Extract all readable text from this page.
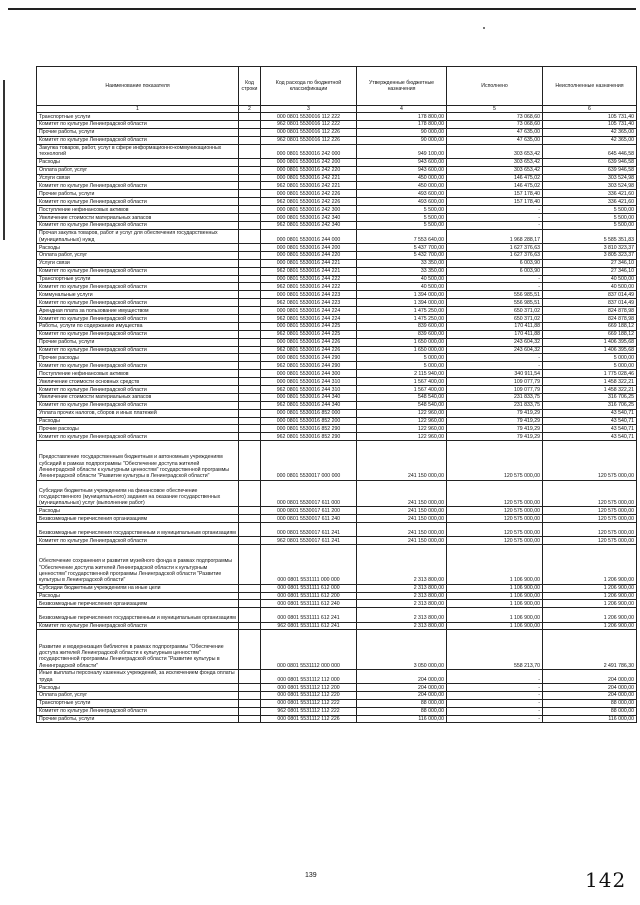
Наименование показателя	Код строки	Код расхода по бюджетной классификации	Утвержденные бюджетные назначения	Исполнено	Неисполненные назначения
1	2	3	4	5	6
Транспортные услуги		000 0801 5530016 112 222	178 800,00	73 068,60	105 731,40
Комитет по культуре Ленинградской области		962 0801 5530016 112 222	178 800,00	73 068,60	105 731,40
Прочие работы, услуги		000 0801 5530016 112 226	90 000,00	47 635,00	42 365,00
Комитет по культуре Ленинградской области		962 0801 5530016 112 226	90 000,00	47 635,00	42 365,00
Закупка товаров, работ, услуг в сфере информационно-коммуникационных технологий		000 0801 5530016 242 000	949 100,00	303 653,42	645 446,58
Расходы		000 0801 5530016 242 200	943 600,00	303 653,42	639 946,58
Оплата работ, услуг		000 0801 5530016 242 220	943 600,00	303 653,42	639 946,58
Услуги связи		000 0801 5530016 242 221	450 000,00	146 475,02	303 524,98
Комитет по культуре Ленинградской области		962 0801 5530016 242 221	450 000,00	146 475,02	303 524,98
Прочие работы, услуги		000 0801 5530016 242 226	493 600,00	157 178,40	336 421,60
Комитет по культуре Ленинградской области		962 0801 5530016 242 226	493 600,00	157 178,40	336 421,60
Поступление нефинансовых активов		000 0801 5530016 242 300	5 500,00	-	5 500,00
Увеличение стоимости материальных запасов		000 0801 5530016 242 340	5 500,00	-	5 500,00
Комитет по культуре Ленинградской области		962 0801 5530016 242 340	5 500,00	-	5 500,00
Прочая закупка товаров, работ и услуг для обеспечения государственных (муниципальных) нужд		000 0801 5530016 244 000	7 553 640,00	1 968 288,17	5 585 351,83
Расходы		000 0801 5530016 244 200	5 437 700,00	1 627 376,63	3 810 323,37
Оплата работ, услуг		000 0801 5530016 244 220	5 432 700,00	1 627 376,63	3 805 323,37
Услуги связи		000 0801 5530016 244 221	33 350,00	6 003,90	27 346,10
Комитет по культуре Ленинградской области		962 0801 5530016 244 221	33 350,00	6 003,90	27 346,10
Транспортные услуги		000 0801 5530016 244 222	40 500,00	-	40 500,00
Комитет по культуре Ленинградской области		962 0801 5530016 244 222	40 500,00	-	40 500,00
Коммунальные услуги		000 0801 5530016 244 223	1 394 000,00	556 985,51	837 014,49
Комитет по культуре Ленинградской области		962 0801 5530016 244 223	1 394 000,00	556 985,51	837 014,49
Арендная плата за пользование имуществом		000 0801 5530016 244 224	1 475 250,00	650 371,02	824 878,98
Комитет по культуре Ленинградской области		962 0801 5530016 244 224	1 475 250,00	650 371,02	824 878,98
Работы, услуги по содержанию имущества		000 0801 5530016 244 225	839 600,00	170 411,88	669 188,12
Комитет по культуре Ленинградской области		962 0801 5530016 244 225	839 600,00	170 411,88	669 188,12
Прочие работы, услуги		000 0801 5530016 244 226	1 650 000,00	243 604,32	1 406 395,68
Комитет по культуре Ленинградской области		962 0801 5530016 244 226	1 650 000,00	243 604,32	1 406 395,68
Прочие расходы		000 0801 5530016 244 290	5 000,00	-	5 000,00
Комитет по культуре Ленинградской области		962 0801 5530016 244 290	5 000,00	-	5 000,00
Поступление нефинансовых активов		000 0801 5530016 244 300	2 115 940,00	340 911,54	1 775 028,46
Увеличение стоимости основных средств		000 0801 5530016 244 310	1 567 400,00	109 077,79	1 458 322,21
Комитет по культуре Ленинградской области		962 0801 5530016 244 310	1 567 400,00	109 077,79	1 458 322,21
Увеличение стоимости материальных запасов		000 0801 5530016 244 340	548 540,00	231 833,75	316 706,25
Комитет по культуре Ленинградской области		962 0801 5530016 244 340	548 540,00	231 833,75	316 706,25
Уплата прочих налогов, сборов и иных платежей		000 0801 5530016 852 000	122 960,00	79 419,29	43 540,71
Расходы		000 0801 5530016 852 200	122 960,00	79 419,29	43 540,71
Прочие расходы		000 0801 5530016 852 290	122 960,00	79 419,29	43 540,71
Комитет по культуре Ленинградской области		962 0801 5530016 852 290	122 960,00	79 419,29	43 540,71
Предоставление государственным бюджетным и автономным учреждениям субсидий в рамках подпрограммы "Обеспечение доступа жителей Ленинградской области к культурным ценностям" государственной программы Ленинградской области "Развитие культуры в Ленинградской области"		000 0801 5530017 000 000	241 150 000,00	120 575 000,00	120 575 000,00
Субсидии бюджетным учреждениям на финансовое обеспечение государственного (муниципального) задания на оказание государственных (муниципальных) услуг (выполнение работ)		000 0801 5530017 611 000	241 150 000,00	120 575 000,00	120 575 000,00
Расходы		000 0801 5530017 611 200	241 150 000,00	120 575 000,00	120 575 000,00
Безвозмездные перечисления организациям		000 0801 5530017 611 240	241 150 000,00	120 575 000,00	120 575 000,00
Безвозмездные перечисления государственным и муниципальным организациям		000 0801 5530017 611 241	241 150 000,00	120 575 000,00	120 575 000,00
Комитет по культуре Ленинградской области		962 0801 5530017 611 241	241 150 000,00	120 575 000,00	120 575 000,00
Обеспечение сохранения и развития музейного фонда в рамках подпрограммы "Обеспечение доступа жителей Ленинградской области к культурным ценностям" государственной программы Ленинградской области "Развитие культуры в Ленинградской области"		000 0801 5531111 000 000	2 313 800,00	1 106 900,00	1 206 900,00
Субсидии бюджетным учреждениям на иные цели		000 0801 5531111 612 000	2 313 800,00	1 106 900,00	1 206 900,00
Расходы		000 0801 5531111 612 200	2 313 800,00	1 106 900,00	1 206 900,00
Безвозмездные перечисления организациям		000 0801 5531111 612 240	2 313 800,00	1 106 900,00	1 206 900,00
Безвозмездные перечисления государственным и муниципальным организациям		000 0801 5531111 612 241	2 313 800,00	1 106 900,00	1 206 900,00
Комитет по культуре Ленинградской области		962 0801 5531111 612 241	2 313 800,00	1 106 900,00	1 206 900,00
Развитие и модернизация библиотек в рамках подпрограммы "Обеспечение доступа жителей Ленинградской области к культурным ценностям" государственной программы Ленинградской области "Развитие культуры в Ленинградской области"		000 0801 5531112 000 000	3 050 000,00	558 213,70	2 491 786,30
Иные выплаты персоналу казенных учреждений, за исключением фонда оплаты труда		000 0801 5531112 112 000	204 000,00	-	204 000,00
Расходы		000 0801 5531112 112 200	204 000,00	-	204 000,00
Оплата работ, услуг		000 0801 5531112 112 220	204 000,00	-	204 000,00
Транспортные услуги		000 0801 5531112 112 222	88 000,00	-	88 000,00
Комитет по культуре Ленинградской области		962 0801 5531112 112 222	88 000,00	-	88 000,00
Прочие работы, услуги		000 0801 5531112 112 226	116 000,00	-	116 000,00
139	142
